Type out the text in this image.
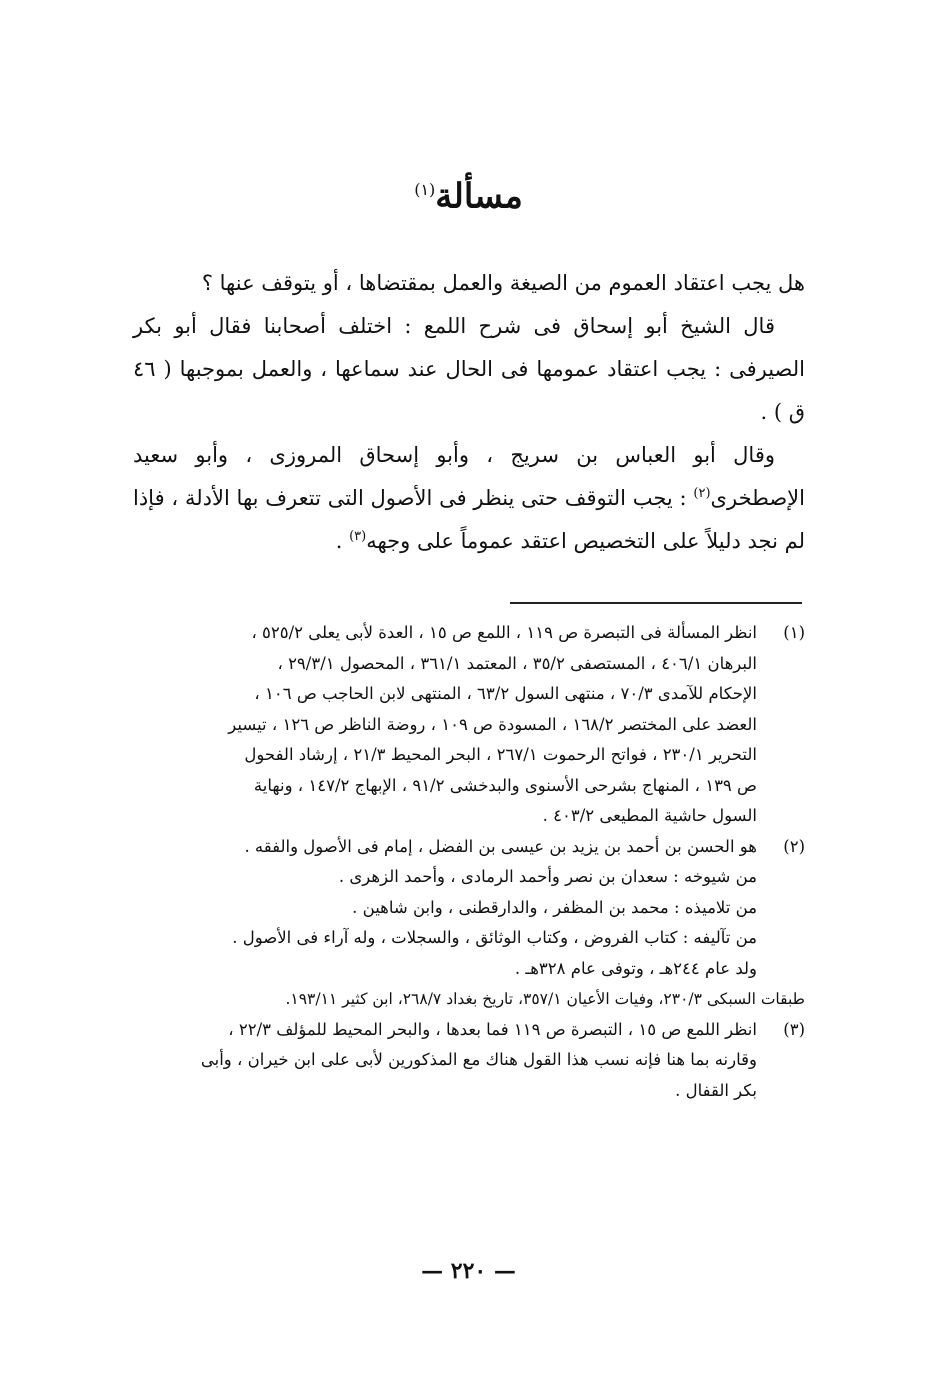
مسألة$^{(١)}$

هل يجب اعتقاد العموم من الصيغة والعمل بمقتضاها ، أو يتوقف عنها ؟

قال الشيخ أبو إسحاق فى شرح اللمع : اختلف أصحابنا فقال أبو بكر الصيرفى : يجب اعتقاد عمومها فى الحال عند سماعها ، والعمل بموجبها ( ٤٦ ق ) .

وقال أبو العباس بن سريج ، وأبو إسحاق المروزى ، وأبو سعيد الإصطخرى$^{(٢)}$ : يجب التوقف حتى ينظر فى الأصول التى تتعرف بها الأدلة ، فإذا لم نجد دليلاً على التخصيص اعتقد عموماً على وجهه$^{(٣)}$ .

(١)
انظر المسألة فى التبصرة ص ١١٩ ، اللمع ص ١٥ ، العدة لأبى يعلى ٥٢٥/٢ ،
البرهان ٤٠٦/١ ، المستصفى ٣٥/٢ ، المعتمد ٣٦١/١ ، المحصول ٢٩/٣/١ ،
الإحكام للآمدى ٧٠/٣ ، منتهى السول ٦٣/٢ ، المنتهى لابن الحاجب ص ١٠٦ ،
العضد على المختصر ١٦٨/٢ ، المسودة ص ١٠٩ ، روضة الناظر ص ١٢٦ ، تيسير
التحرير ٢٣٠/١ ، فواتح الرحموت ٢٦٧/١ ، البحر المحيط ٢١/٣ ، إرشاد الفحول
ص ١٣٩ ، المنهاج بشرحى الأسنوى والبدخشى ٩١/٢ ، الإبهاج ١٤٧/٢ ، ونهاية
السول حاشية المطيعى ٤٠٣/٢ .
(٢)
هو الحسن بن أحمد بن يزيد بن عيسى بن الفضل ، إمام فى الأصول والفقه .
من شيوخه : سعدان بن نصر وأحمد الرمادى ، وأحمد الزهرى .
من تلاميذه : محمد بن المظفر ، والدارقطنى ، وابن شاهين .
من تآليفه : كتاب الفروض ، وكتاب الوثائق ، والسجلات ، وله آراء فى الأصول .
ولد عام ٢٤٤هـ ، وتوفى عام ٣٢٨هـ .
طبقات السبكى ٢٣٠/٣، وفيات الأعيان ٣٥٧/١، تاريخ بغداد ٢٦٨/٧، ابن كثير ١٩٣/١١.
(٣)
انظر اللمع ص ١٥ ، التبصرة ص ١١٩ فما بعدها ، والبحر المحيط للمؤلف ٢٢/٣ ،
وقارنه بما هنا فإنه نسب هذا القول هناك مع المذكورين لأبى على ابن خيران ، وأبى
بكر القفال .
— ٢٢٠ —
